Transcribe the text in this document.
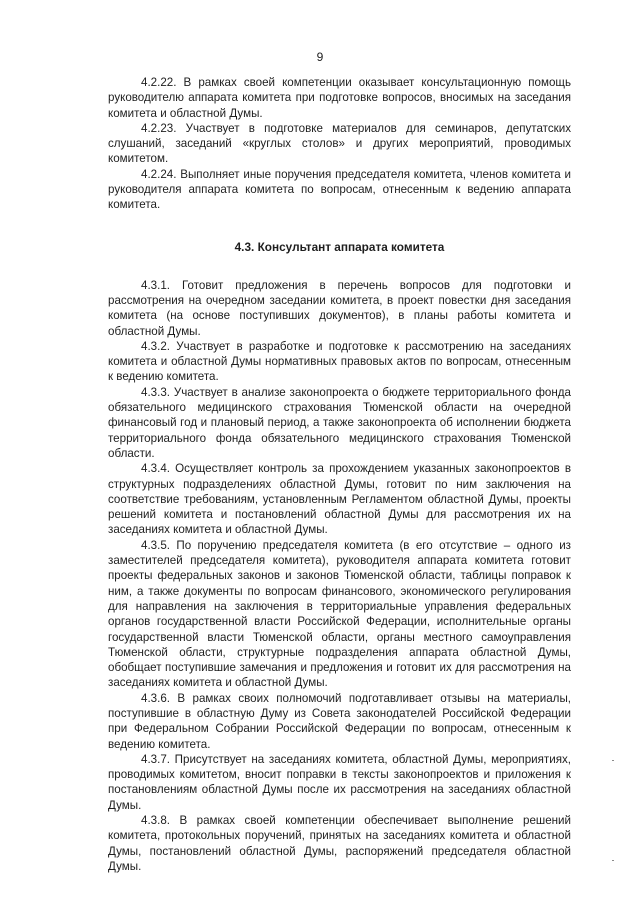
9

4.2.22. В рамках своей компетенции оказывает консультационную помощь руководителю аппарата комитета при подготовке вопросов, вносимых на заседания комитета и областной Думы.

4.2.23. Участвует в подготовке материалов для семинаров, депутатских слушаний, заседаний «круглых столов» и других мероприятий, проводимых комитетом.

4.2.24. Выполняет иные поручения председателя комитета, членов комитета и руководителя аппарата комитета по вопросам, отнесенным к ведению аппарата комитета.

4.3. Консультант аппарата комитета

4.3.1. Готовит предложения в перечень вопросов для подготовки и рассмотрения на очередном заседании комитета, в проект повестки дня заседания комитета (на основе поступивших документов), в планы работы комитета и областной Думы.

4.3.2. Участвует в разработке и подготовке к рассмотрению на заседаниях комитета и областной Думы нормативных правовых актов по вопросам, отнесенным к ведению комитета.

4.3.3. Участвует в анализе законопроекта о бюджете территориального фонда обязательного медицинского страхования Тюменской области на очередной финансовый год и плановый период, а также законопроекта об исполнении бюджета территориального фонда обязательного медицинского страхования Тюменской области.

4.3.4. Осуществляет контроль за прохождением указанных законопроектов в структурных подразделениях областной Думы, готовит по ним заключения на соответствие требованиям, установленным Регламентом областной Думы, проекты решений комитета и постановлений областной Думы для рассмотрения их на заседаниях комитета и областной Думы.

4.3.5. По поручению председателя комитета (в его отсутствие – одного из заместителей председателя комитета), руководителя аппарата комитета готовит проекты федеральных законов и законов Тюменской области, таблицы поправок к ним, а также документы по вопросам финансового, экономического регулирования для направления на заключения в территориальные управления федеральных органов государственной власти Российской Федерации, исполнительные органы государственной власти Тюменской области, органы местного самоуправления Тюменской области, структурные подразделения аппарата областной Думы, обобщает поступившие замечания и предложения и готовит их для рассмотрения на заседаниях комитета и областной Думы.

4.3.6. В рамках своих полномочий подготавливает отзывы на материалы, поступившие в областную Думу из Совета законодателей Российской Федерации при Федеральном Собрании Российской Федерации по вопросам, отнесенным к ведению комитета.

4.3.7. Присутствует на заседаниях комитета, областной Думы, мероприятиях, проводимых комитетом, вносит поправки в тексты законопроектов и приложения к постановлениям областной Думы после их рассмотрения на заседаниях областной Думы.

4.3.8. В рамках своей компетенции обеспечивает выполнение решений комитета, протокольных поручений, принятых на заседаниях комитета и областной Думы, постановлений областной Думы, распоряжений председателя областной Думы.
